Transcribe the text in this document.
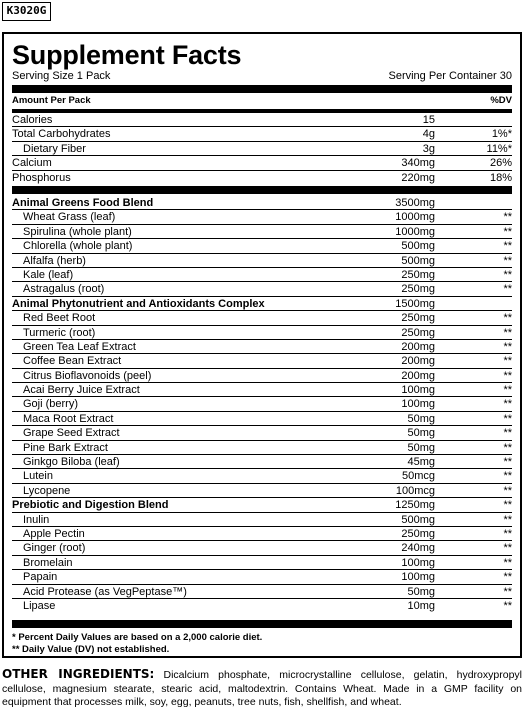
K3020G
Supplement Facts
Serving Size 1 Pack	Serving Per Container 30
Amount Per Pack	%DV
Calories	15
Total Carbohydrates	4g	1%*
Dietary Fiber	3g	11%*
Calcium	340mg	26%
Phosphorus	220mg	18%
Animal Greens Food Blend	3500mg
Wheat Grass (leaf)	1000mg	**
Spirulina (whole plant)	1000mg	**
Chlorella (whole plant)	500mg	**
Alfalfa (herb)	500mg	**
Kale (leaf)	250mg	**
Astragalus (root)	250mg	**
Animal Phytonutrient and Antioxidants Complex	1500mg
Red Beet Root	250mg	**
Turmeric (root)	250mg	**
Green Tea Leaf Extract	200mg	**
Coffee Bean Extract	200mg	**
Citrus Bioflavonoids (peel)	200mg	**
Acai Berry Juice Extract	100mg	**
Goji (berry)	100mg	**
Maca Root Extract	50mg	**
Grape Seed Extract	50mg	**
Pine Bark Extract	50mg	**
Ginkgo Biloba (leaf)	45mg	**
Lutein	50mcg	**
Lycopene	100mcg	**
Prebiotic and Digestion Blend	1250mg	**
Inulin	500mg	**
Apple Pectin	250mg	**
Ginger (root)	240mg	**
Bromelain	100mg	**
Papain	100mg	**
Acid Protease (as VegPeptase™)	50mg	**
Lipase	10mg	**
* Percent Daily Values are based on a 2,000 calorie diet.
** Daily Value (DV) not established.
OTHER INGREDIENTS: Dicalcium phosphate, microcrystalline cellulose, gelatin, hydroxypropyl cellulose, magnesium stearate, stearic acid, maltodextrin. Contains Wheat. Made in a GMP facility on equipment that processes milk, soy, egg, peanuts, tree nuts, fish, shellfish, and wheat.
